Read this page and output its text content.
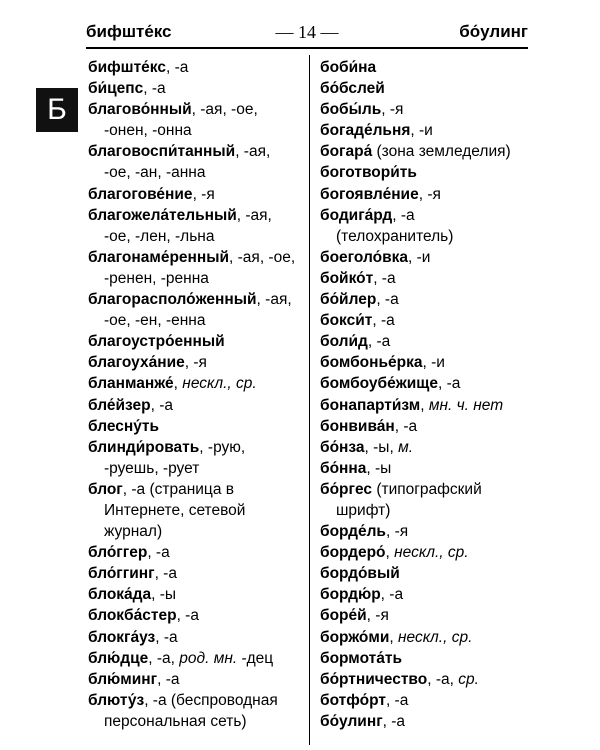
бифште́кс	— 14 —	бо́улинг
Б
бифште́кс, -а
би́цепс, -а
благово́нный, -ая, -ое, -онен, -онна
благовоспи́танный, -ая, -ое, -ан, -анна
благогове́ние, -я
благожела́тельный, -ая, -ое, -лен, -льна
благонаме́ренный, -ая, -ое, -ренен, -ренна
благорасполо́женный, -ая, -ое, -ен, -енна
благоустро́енный
благоуха́ние, -я
бланманже́, нескл., ср.
бле́йзер, -а
блесну́ть
блинди́ровать, -рую, -руешь, -рует
блог, -а (страница в Интернете, сетевой журнал)
бло́ггер, -а
бло́ггинг, -а
блока́да, -ы
блокба́стер, -а
блокга́уз, -а
блю́дце, -а, род. мн. -дец
блю́минг, -а
блюту́з, -а (беспроводная персональная сеть)
боби́на
бо́бслей
бобы́ль, -я
богаде́льня, -и
богара́ (зона земледелия)
боготвори́ть
богоявле́ние, -я
бодига́рд, -а (телохранитель)
боеголо́вка, -и
бойко́т, -а
бо́йлер, -а
бокси́т, -а
боли́д, -а
бомбонье́рка, -и
бомбоубе́жище, -а
бонапарти́зм, мн. ч. нет
бонвива́н, -а
бо́нза, -ы, м.
бо́нна, -ы
бо́ргес (типографский шрифт)
борде́ль, -я
бордеро́, нескл., ср.
бордо́вый
бордю́р, -а
боре́й, -я
боржо́ми, нескл., ср.
бормота́ть
бо́ртничество, -а, ср.
ботфо́рт, -а
бо́улинг, -а
